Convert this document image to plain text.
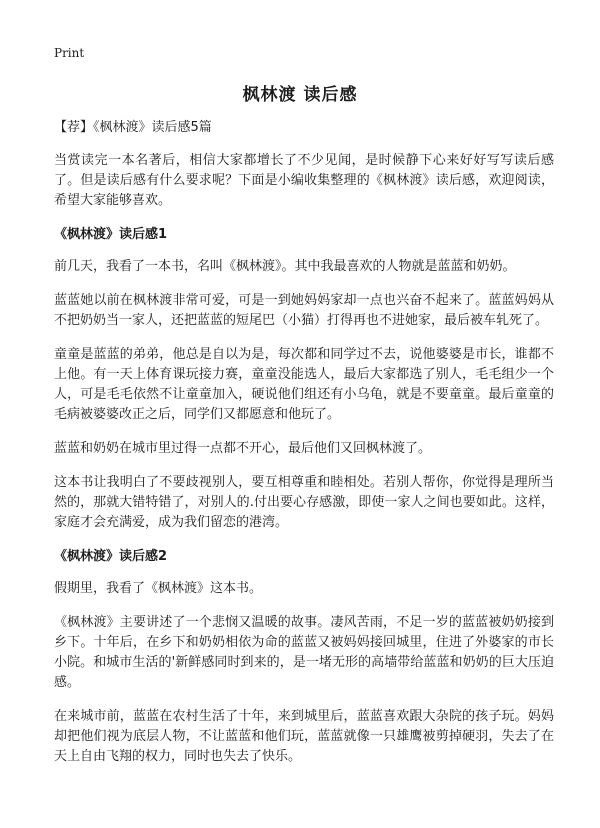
Print
枫林渡 读后感
【荐】《枫林渡》读后感5篇
当赏读完一本名著后，相信大家都增长了不少见闻，是时候静下心来好好写写读后感了。但是读后感有什么要求呢？下面是小编收集整理的《枫林渡》读后感，欢迎阅读，希望大家能够喜欢。
《枫林渡》读后感1
前几天，我看了一本书，名叫《枫林渡》。其中我最喜欢的人物就是蓝蓝和奶奶。
蓝蓝她以前在枫林渡非常可爱，可是一到她妈妈家却一点也兴奋不起来了。蓝蓝妈妈从不把奶奶当一家人，还把蓝蓝的短尾巴（小猫）打得再也不进她家，最后被车轧死了。
童童是蓝蓝的弟弟，他总是自以为是，每次都和同学过不去，说他婆婆是市长，谁都不上他。有一天上体育课玩接力赛，童童没能选人，最后大家都选了别人，毛毛组少一个人，可是毛毛依然不让童童加入，硬说他们组还有小乌龟，就是不要童童。最后童童的毛病被婆婆改正之后，同学们又都愿意和他玩了。
蓝蓝和奶奶在城市里过得一点都不开心，最后他们又回枫林渡了。
这本书让我明白了不要歧视别人，要互相尊重和睦相处。若别人帮你，你觉得是理所当然的，那就大错特错了，对别人的.付出要心存感激，即使一家人之间也要如此。这样，家庭才会充满爱，成为我们留恋的港湾。
《枫林渡》读后感2
假期里，我看了《枫林渡》这本书。
《枫林渡》主要讲述了一个悲悯又温暖的故事。凄风苦雨，不足一岁的蓝蓝被奶奶接到乡下。十年后，在乡下和奶奶相依为命的蓝蓝又被妈妈接回城里，住进了外婆家的市长小院。和城市生活的'新鲜感同时到来的，是一堵无形的高墙带给蓝蓝和奶奶的巨大压迫感。
在来城市前，蓝蓝在农村生活了十年，来到城里后，蓝蓝喜欢跟大杂院的孩子玩。妈妈却把他们视为底层人物，不让蓝蓝和他们玩，蓝蓝就像一只雄鹰被剪掉硬羽，失去了在天上自由飞翔的权力，同时也失去了快乐。
